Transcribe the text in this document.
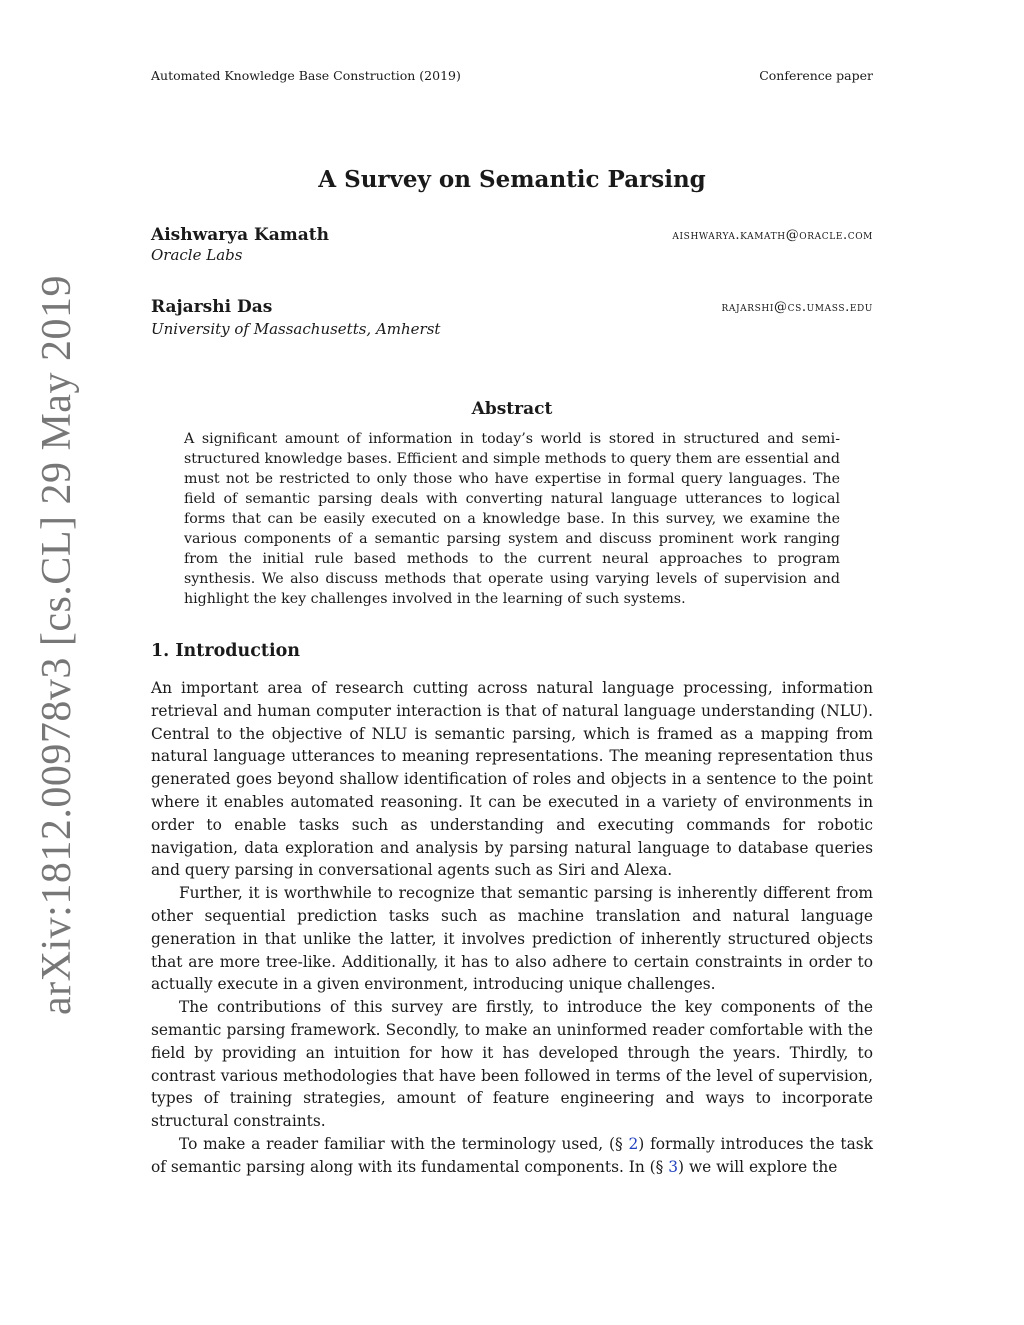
Automated Knowledge Base Construction (2019)	Conference paper
arXiv:1812.00978v3 [cs.CL] 29 May 2019
A Survey on Semantic Parsing
Aishwarya Kamath	aishwarya.kamath@oracle.com
Oracle Labs
Rajarshi Das	rajarshi@cs.umass.edu
University of Massachusetts, Amherst
Abstract

A significant amount of information in today’s world is stored in structured and semi-structured knowledge bases. Efficient and simple methods to query them are essential and must not be restricted to only those who have expertise in formal query languages. The field of semantic parsing deals with converting natural language utterances to logical forms that can be easily executed on a knowledge base. In this survey, we examine the various components of a semantic parsing system and discuss prominent work ranging from the initial rule based methods to the current neural approaches to program synthesis. We also discuss methods that operate using varying levels of supervision and highlight the key challenges involved in the learning of such systems.

1. Introduction

An important area of research cutting across natural language processing, information retrieval and human computer interaction is that of natural language understanding (NLU). Central to the objective of NLU is semantic parsing, which is framed as a mapping from natural language utterances to meaning representations. The meaning representation thus generated goes beyond shallow identification of roles and objects in a sentence to the point where it enables automated reasoning. It can be executed in a variety of environments in order to enable tasks such as understanding and executing commands for robotic navigation, data exploration and analysis by parsing natural language to database queries and query parsing in conversational agents such as Siri and Alexa.

Further, it is worthwhile to recognize that semantic parsing is inherently different from other sequential prediction tasks such as machine translation and natural language generation in that unlike the latter, it involves prediction of inherently structured objects that are more tree-like. Additionally, it has to also adhere to certain constraints in order to actually execute in a given environment, introducing unique challenges.

The contributions of this survey are firstly, to introduce the key components of the semantic parsing framework. Secondly, to make an uninformed reader comfortable with the field by providing an intuition for how it has developed through the years. Thirdly, to contrast various methodologies that have been followed in terms of the level of supervision, types of training strategies, amount of feature engineering and ways to incorporate structural constraints.

To make a reader familiar with the terminology used, (§ 2) formally introduces the task of semantic parsing along with its fundamental components. In (§ 3) we will explore the
